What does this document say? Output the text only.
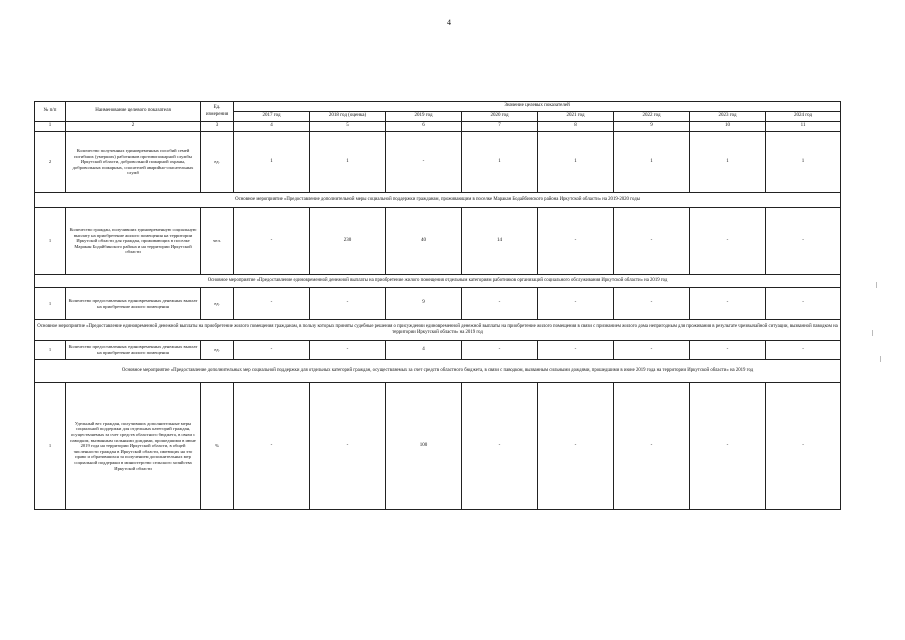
4
№ п/п	Наименование целевого показателя	Ед. измерения	Значение целевых показателей							
			2017 год	2018 год (оценка)	2019 год	2020 год	2021 год	2022 год	2023 год	2024 год
1	2	3	4	5	6	7	8	9	10	11
2	Количество полученных единовременных пособий семей погибших (умерших) работников противопожарной службы Иркутской области, добровольной пожарной охраны, добровольных пожарных, спасателей аварийно-спасательных служб	ед.	1	1	-	1	1	1	1	1
Основное мероприятие «Предоставление дополнительной меры социальной поддержки гражданам, проживающим в поселке Маракан Бодайбинского района Иркутской области» на 2019-2020 годы										
1	Количество граждан, получивших единовременную социальную выплату на приобретение жилого помещения на территории Иркутской области для граждан, проживающих в поселке Маракан Бодайбинского района и на территории Иркутской области	чел.	-	230	40	14	-	-	-	-
Основное мероприятие «Предоставление единовременной денежной выплаты на приобретение жилого помещения отдельным категориям работников организаций социального обслуживания Иркутской области» на 2019 год										
1	Количество предоставленных единовременных денежных выплат на приобретение жилого помещения	ед.	-	-	9	-	-	-	-	-
Основное мероприятие «Предоставление единовременной денежной выплаты на приобретение жилого помещения гражданам, в пользу которых приняты судебные решения о присуждении единовременной денежной выплаты на приобретение жилого помещения в связи с признанием жилого дома непригодным для проживания в результате чрезвычайной ситуации, вызванной паводком на территории Иркутской области» на 2019 год										
1	Количество предоставленных единовременных денежных выплат на приобретение жилого помещения	ед.	-	-	4	-	-	-	-	-
Основное мероприятие «Предоставление дополнительных мер социальной поддержки для отдельных категорий граждан, осуществляемых за счет средств областного бюджета, в связи с паводком, вызванным сильными дождями, прошедшими в июне 2019 года на территории Иркутской области» на 2019 год										
1	Удельный вес граждан, получивших дополнительные меры социальной поддержки для отдельных категорий граждан, осуществляемых за счет средств областного бюджета, в связи с паводком, вызванным сильными дождями, прошедшими в июне 2019 года на территории Иркутской области, в общей численности граждан в Иркутской области, имеющих на это право и обратившихся за получением дополнительных мер социальной поддержки в министерство сельского хозяйства Иркутской области	%	-	-	100	-	-	-	-	-
